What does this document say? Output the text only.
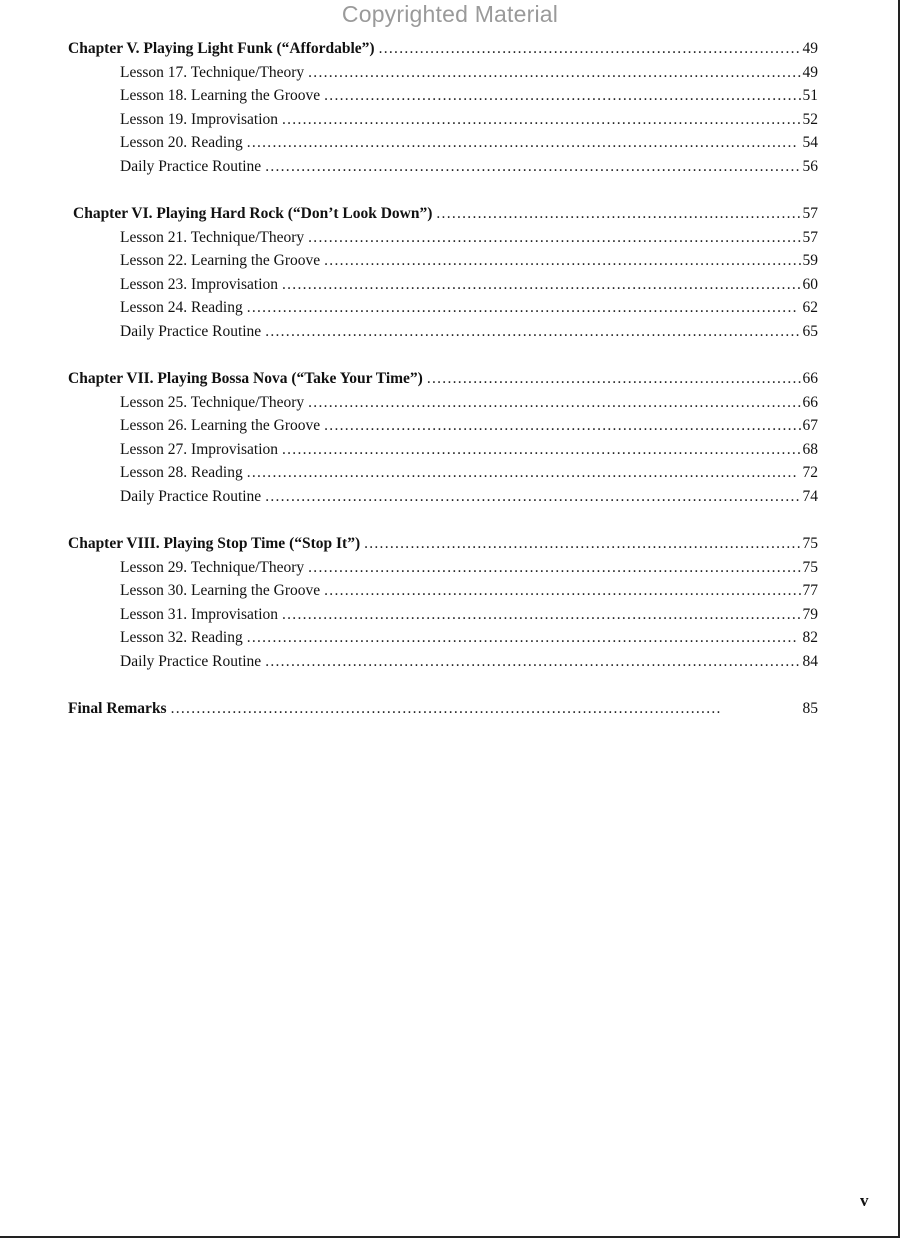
Copyrighted Material
Chapter V. Playing Light Funk (“Affordable”) . . .	49
Lesson 17. Technique/Theory . . .	49
Lesson 18. Learning the Groove . . .	51
Lesson 19. Improvisation . . .	52
Lesson 20. Reading . . .	54
Daily Practice Routine . . .	56
Chapter VI. Playing Hard Rock (“Don’t Look Down”) . . .	57
Lesson 21. Technique/Theory . . .	57
Lesson 22. Learning the Groove . . .	59
Lesson 23. Improvisation . . .	60
Lesson 24. Reading . . .	62
Daily Practice Routine . . .	65
Chapter VII. Playing Bossa Nova (“Take Your Time”) . . .	66
Lesson 25. Technique/Theory . . .	66
Lesson 26. Learning the Groove . . .	67
Lesson 27. Improvisation . . .	68
Lesson 28. Reading . . .	72
Daily Practice Routine . . .	74
Chapter VIII. Playing Stop Time (“Stop It”) . . .	75
Lesson 29. Technique/Theory . . .	75
Lesson 30. Learning the Groove . . .	77
Lesson 31. Improvisation . . .	79
Lesson 32. Reading . . .	82
Daily Practice Routine . . .	84
Final Remarks . . .	85
v
